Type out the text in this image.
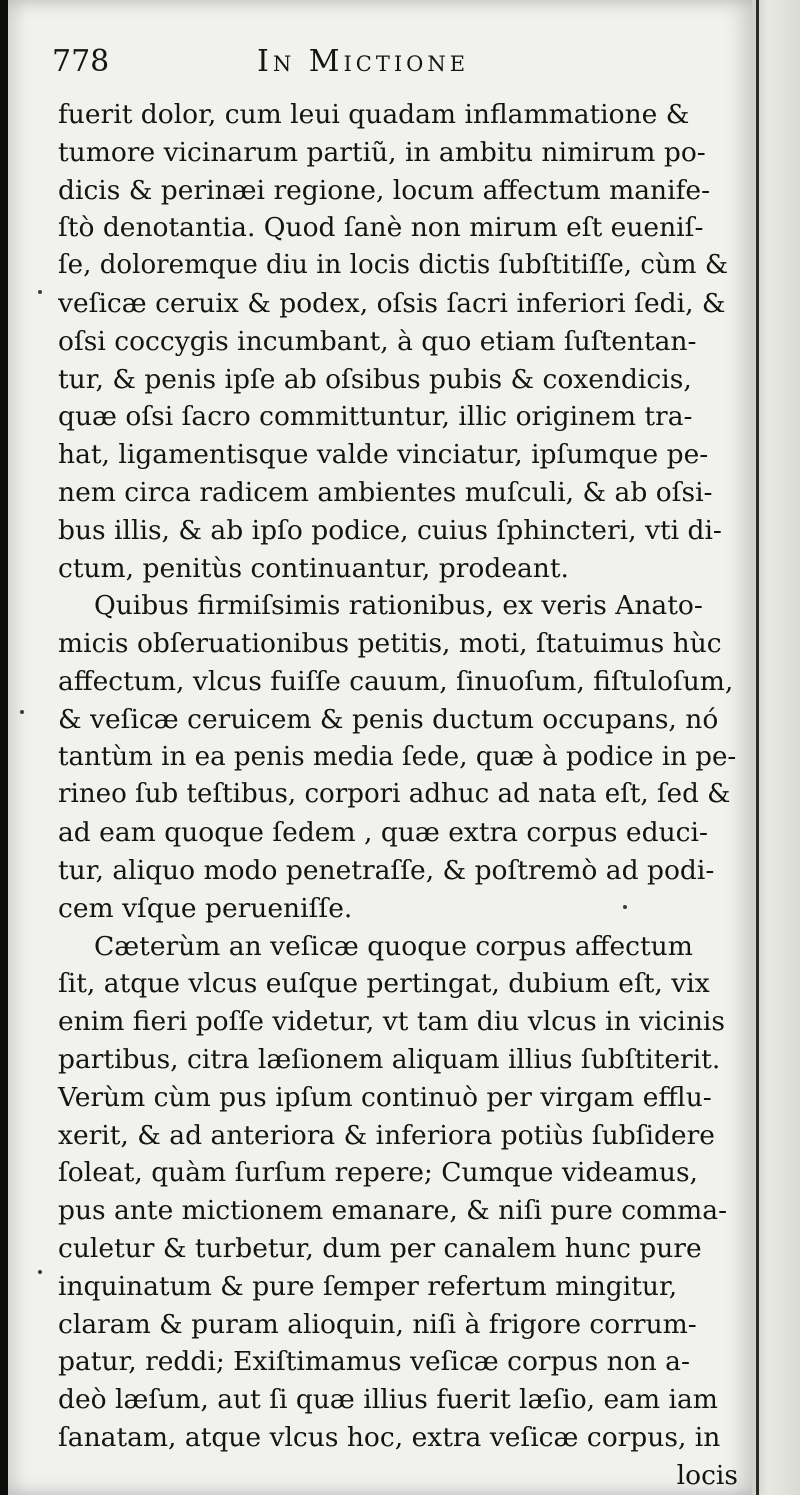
778	In Mictione
fuerit dolor, cum leui quadam inflammatione &
tumore vicinarum partiũ, in ambitu nimirum po-
dicis & perinæi regione, locum affectum manife-
ſtò denotantia. Quod ſanè non mirum eſt eueniſ-
ſe, doloremque diu in locis dictis ſubſtitiſſe, cùm &
veſicæ ceruix & podex, oſsis ſacri inferiori ſedi, &
oſsi coccygis incumbant, à quo etiam ſuſtentan-
tur, & penis ipſe ab oſsibus pubis & coxendicis,
quæ oſsi ſacro committuntur, illic originem tra-
hat, ligamentisque valde vinciatur, ipſumque pe-
nem circa radicem ambientes muſculi, & ab oſsi-
bus illis, & ab ipſo podice, cuius ſphincteri, vti di-
ctum, penitùs continuantur, prodeant.
Quibus firmiſsimis rationibus, ex veris Anato-
micis obſeruationibus petitis, moti, ſtatuimus hùc
affectum, vlcus fuiſſe cauum, ſinuoſum, fiſtuloſum,
& veſicæ ceruicem & penis ductum occupans, nó
tantùm in ea penis media ſede, quæ à podice in pe-
rineo ſub teſtibus, corpori adhuc ad nata eſt, ſed &
ad eam quoque ſedem , quæ extra corpus educi-
tur, aliquo modo penetraſſe, & poſtremò ad podi-
cem vſque perueniſſe.
Cæterùm an veſicæ quoque corpus affectum
ſit, atque vlcus euſque pertingat, dubium eſt, vix
enim fieri poſſe videtur, vt tam diu vlcus in vicinis
partibus, citra læſionem aliquam illius ſubſtiterit.
Verùm cùm pus ipſum continuò per virgam efflu-
xerit, & ad anteriora & inferiora potiùs ſubſidere
ſoleat, quàm ſurſum repere; Cumque videamus,
pus ante mictionem emanare, & niſi pure comma-
culetur & turbetur, dum per canalem hunc pure
inquinatum & pure ſemper refertum mingitur,
claram & puram alioquin, niſi à frigore corrum-
patur, reddi; Exiſtimamus veſicæ corpus non a-
deò læſum, aut ſi quæ illius fuerit læſio, eam iam
ſanatam, atque vlcus hoc, extra veſicæ corpus, in
locis
